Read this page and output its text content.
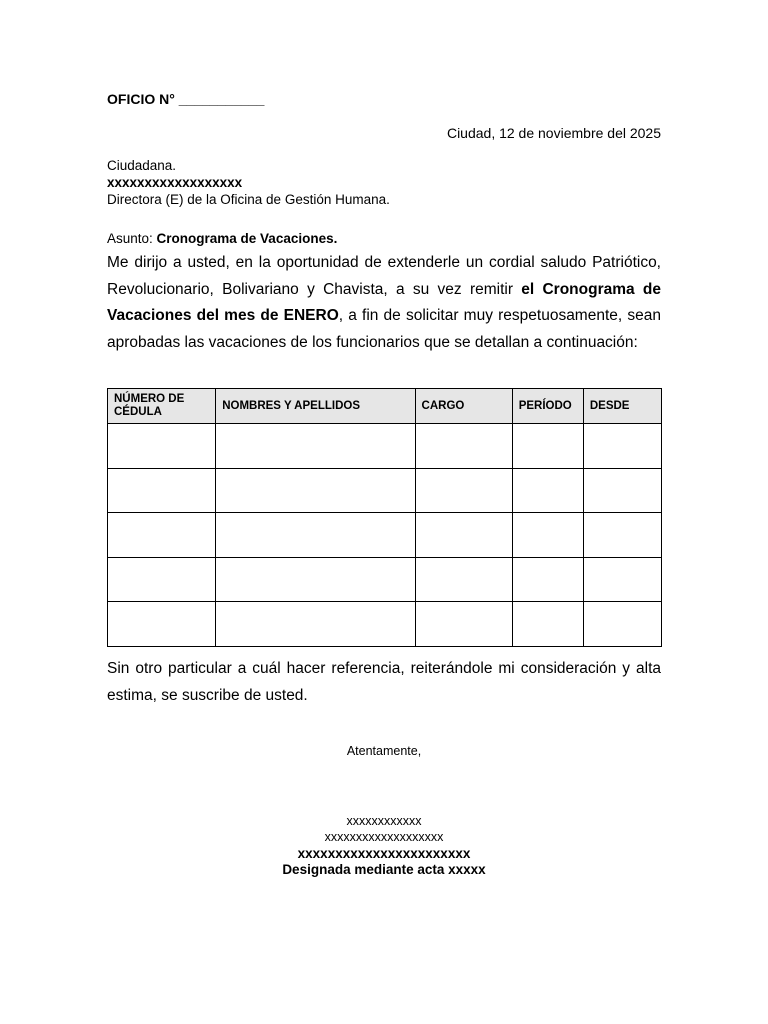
OFICIO N° ___________
Ciudad, 12 de noviembre del 2025
Ciudadana.
xxxxxxxxxxxxxxxxxx
Directora (E) de la Oficina de Gestión Humana.
Asunto: Cronograma de Vacaciones.

Me dirijo a usted, en la oportunidad de extenderle un cordial saludo Patriótico, Revolucionario, Bolivariano y Chavista, a su vez remitir el Cronograma de Vacaciones del mes de ENERO, a fin de solicitar muy respetuosamente, sean aprobadas las vacaciones de los funcionarios que se detallan a continuación:

NÚMERO DE CÉDULA	NOMBRES Y APELLIDOS	CARGO	PERÍODO	DESDE

Sin otro particular a cuál hacer referencia, reiterándole mi consideración y alta estima, se suscribe de usted.

Atentamente,
xxxxxxxxxxxx
xxxxxxxxxxxxxxxxxxx
xxxxxxxxxxxxxxxxxxxxxxx
Designada mediante acta xxxxx
